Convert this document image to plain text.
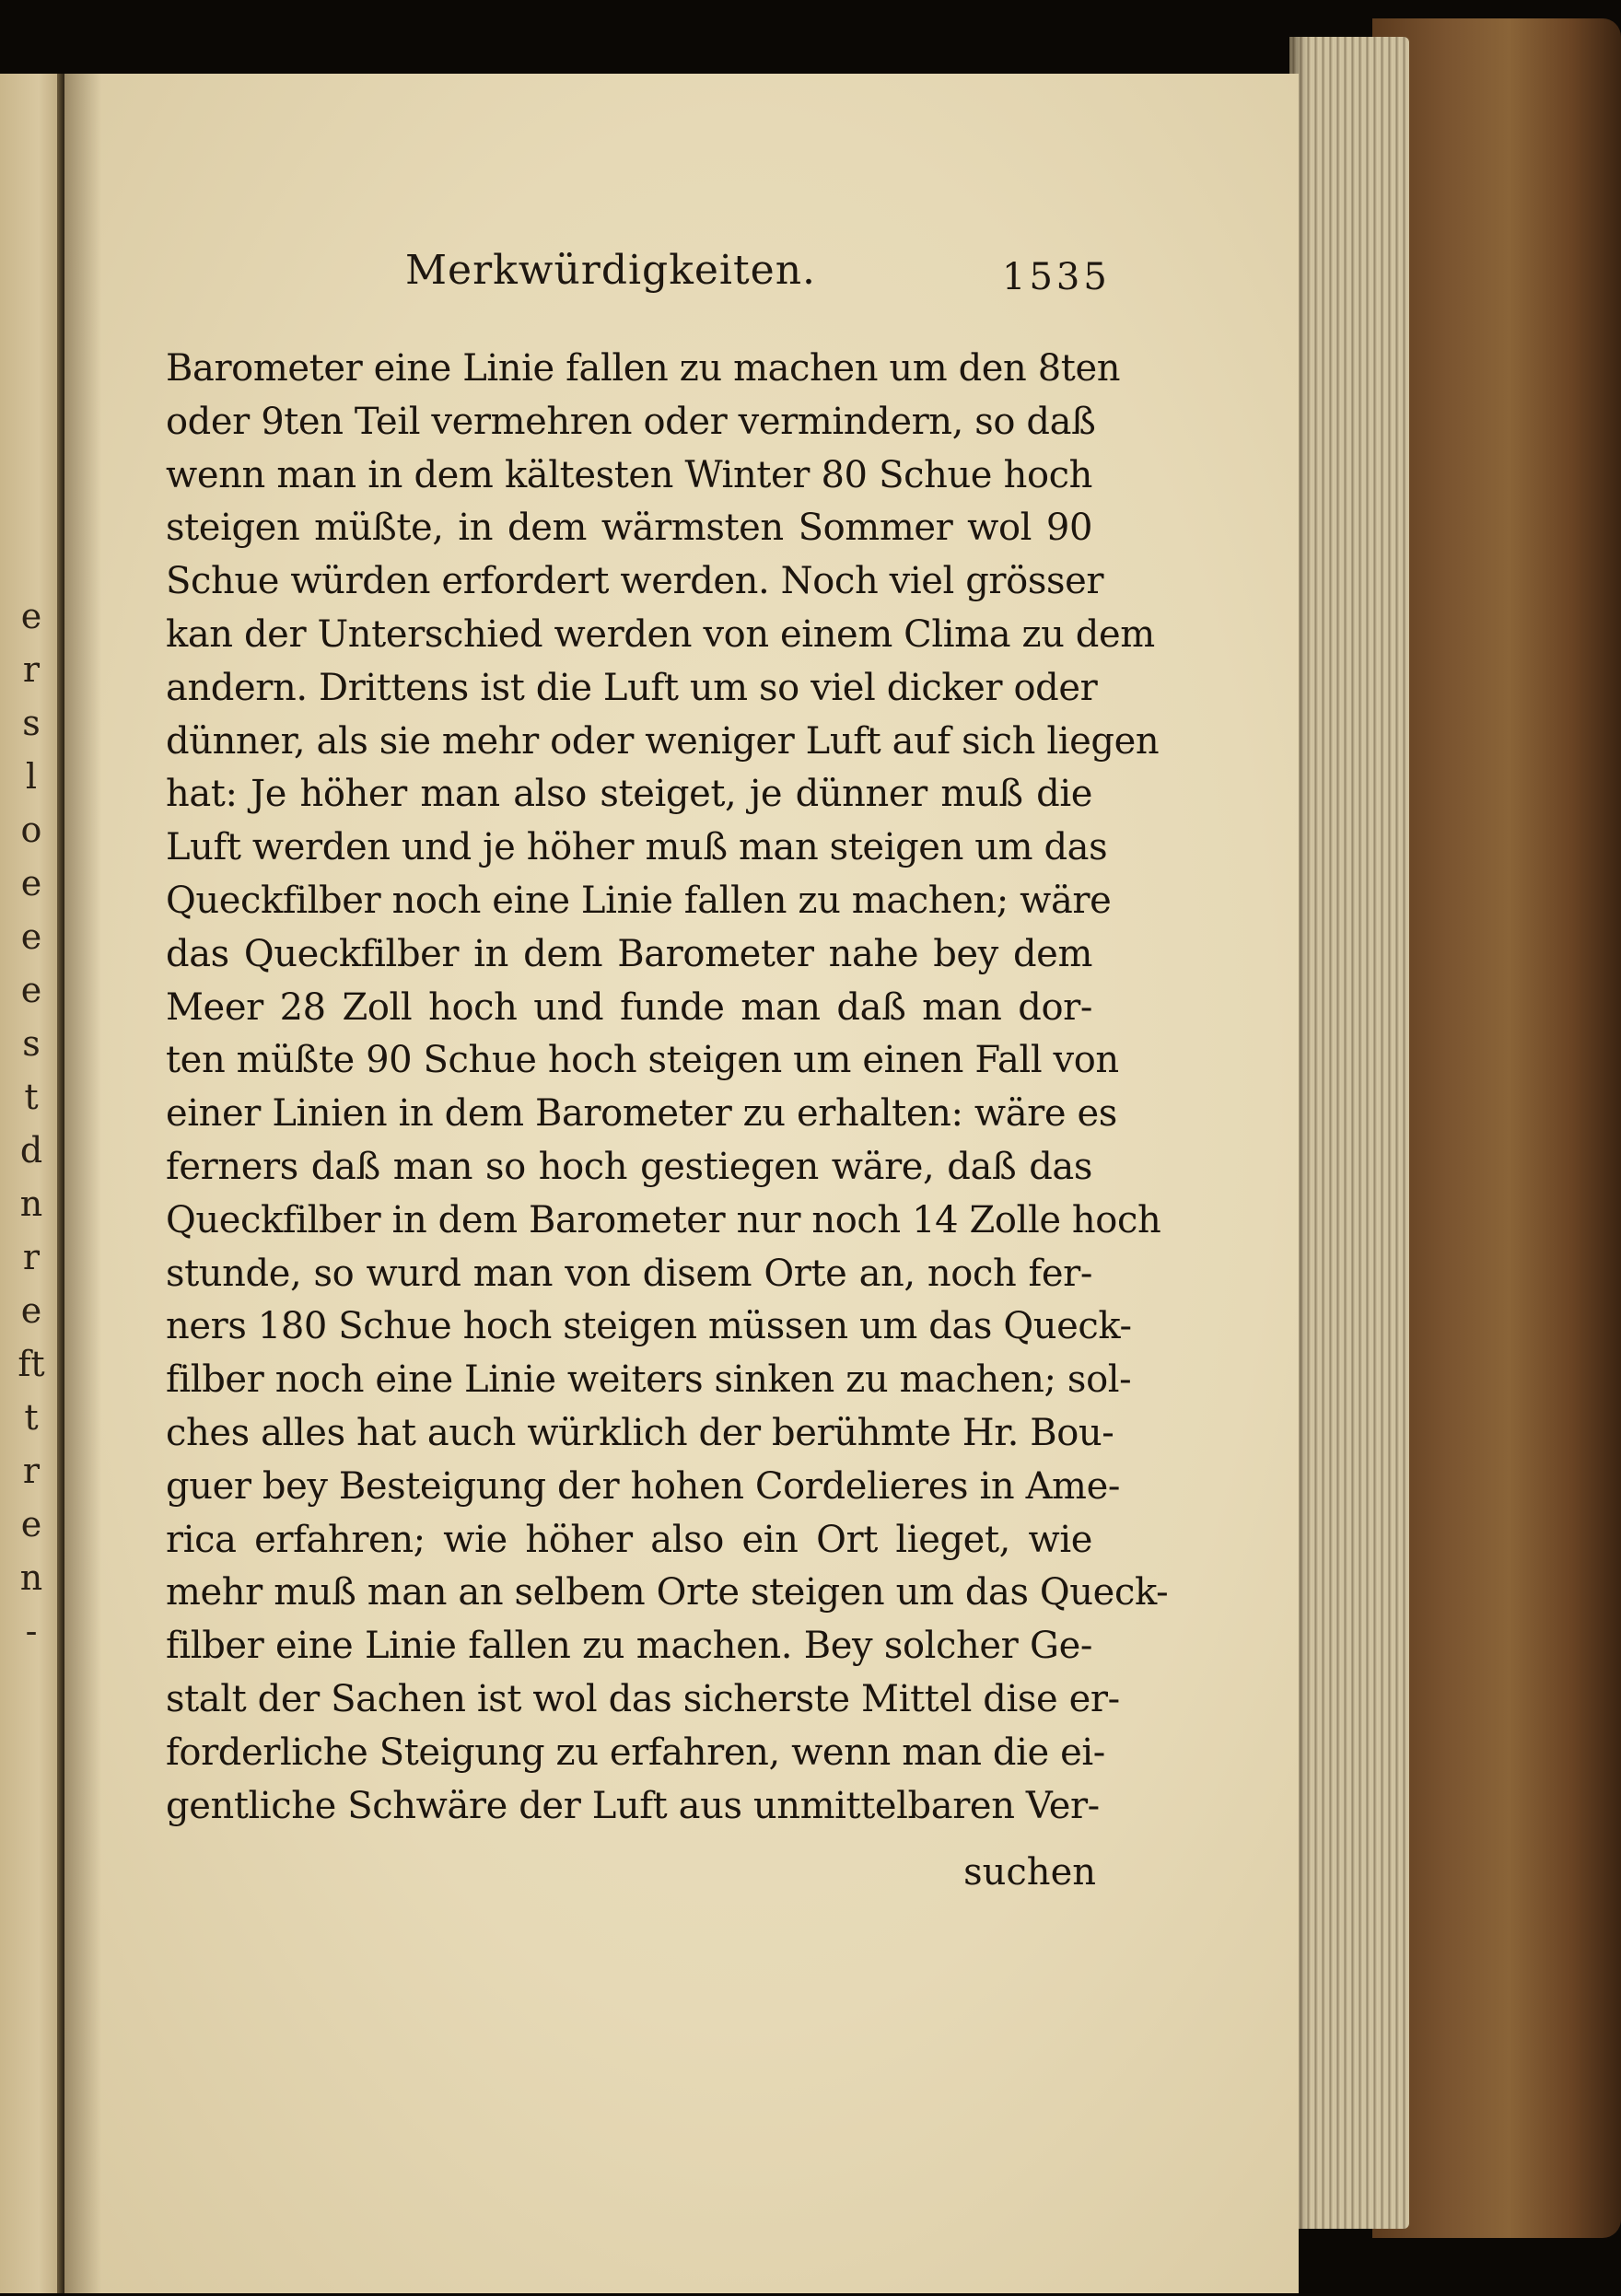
e
r
s
l
o
e
e
e
s
t
d
n
r
e
ft
t
r
e
n
-
Merkwürdigkeiten.	1535
Barometer eine Linie fallen zu machen um den 8ten
oder 9ten Teil vermehren oder vermindern, so daß
wenn man in dem kältesten Winter 80 Schue hoch
steigen müßte, in dem wärmsten Sommer wol 90
Schue würden erfordert werden. Noch viel grösser
kan der Unterschied werden von einem Clima zu dem
andern. Drittens ist die Luft um so viel dicker oder
dünner, als sie mehr oder weniger Luft auf sich liegen
hat: Je höher man also steiget, je dünner muß die
Luft werden und je höher muß man steigen um das
Queckfilber noch eine Linie fallen zu machen; wäre
das Queckfilber in dem Barometer nahe bey dem
Meer 28 Zoll hoch und funde man daß man dor-
ten müßte 90 Schue hoch steigen um einen Fall von
einer Linien in dem Barometer zu erhalten: wäre es
ferners daß man so hoch gestiegen wäre, daß das
Queckfilber in dem Barometer nur noch 14 Zolle hoch
stunde, so wurd man von disem Orte an, noch fer-
ners 180 Schue hoch steigen müssen um das Queck-
filber noch eine Linie weiters sinken zu machen; sol-
ches alles hat auch würklich der berühmte Hr. Bou-
guer bey Besteigung der hohen Cordelieres in Ame-
rica erfahren; wie höher also ein Ort lieget, wie
mehr muß man an selbem Orte steigen um das Queck-
filber eine Linie fallen zu machen. Bey solcher Ge-
stalt der Sachen ist wol das sicherste Mittel dise er-
forderliche Steigung zu erfahren, wenn man die ei-
gentliche Schwäre der Luft aus unmittelbaren Ver-
suchen
